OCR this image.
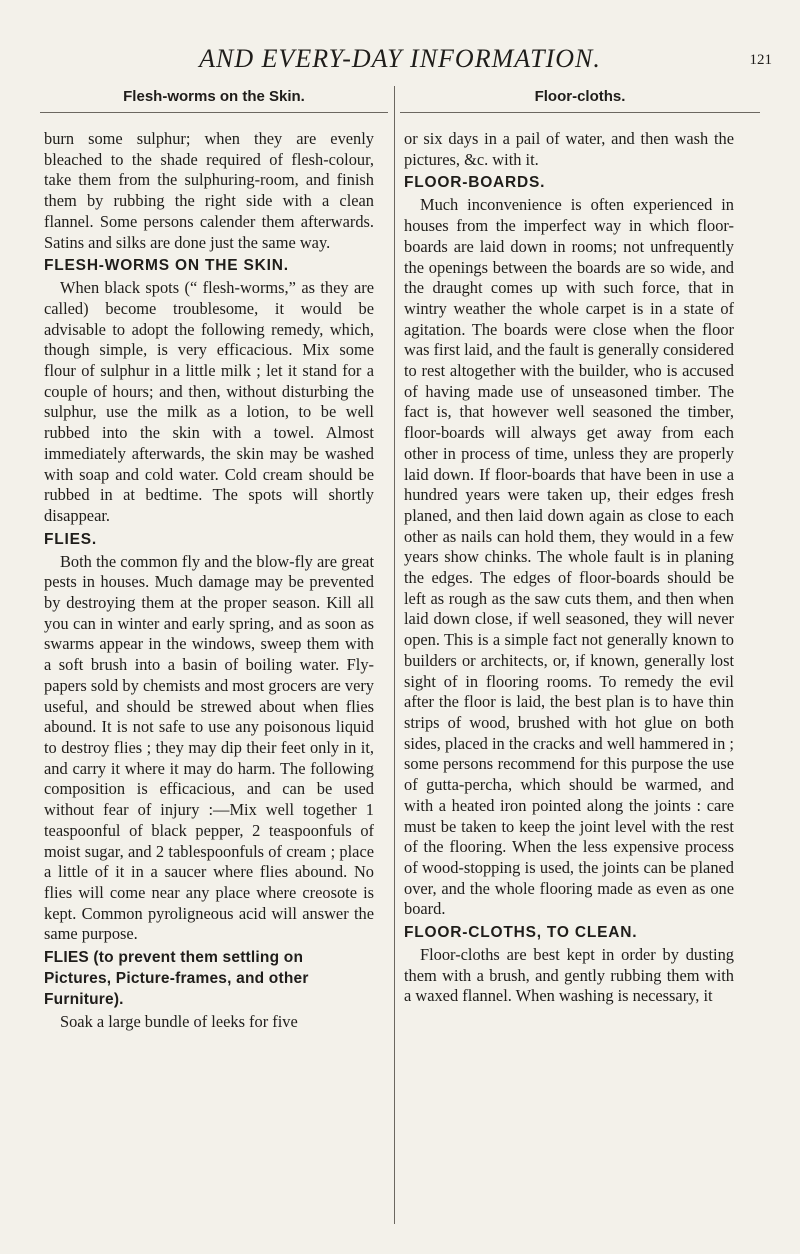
AND EVERY-DAY INFORMATION.	121
Flesh-worms on the Skin.

burn some sulphur; when they are evenly bleached to the shade required of flesh-colour, take them from the sulphuring-room, and finish them by rubbing the right side with a clean flannel. Some persons calender them afterwards. Satins and silks are done just the same way.

FLESH-WORMS ON THE SKIN.

When black spots (“ flesh-worms,” as they are called) become troublesome, it would be advisable to adopt the following remedy, which, though simple, is very efficacious. Mix some flour of sulphur in a little milk ; let it stand for a couple of hours; and then, without disturbing the sulphur, use the milk as a lotion, to be well rubbed into the skin with a towel. Almost immediately afterwards, the skin may be washed with soap and cold water. Cold cream should be rubbed in at bedtime. The spots will shortly disappear.

FLIES.

Both the common fly and the blow-fly are great pests in houses. Much damage may be prevented by destroying them at the proper season. Kill all you can in winter and early spring, and as soon as swarms appear in the windows, sweep them with a soft brush into a basin of boiling water. Fly-papers sold by chemists and most grocers are very useful, and should be strewed about when flies abound. It is not safe to use any poisonous liquid to destroy flies ; they may dip their feet only in it, and carry it where it may do harm. The following composition is efficacious, and can be used without fear of injury :—Mix well together 1 teaspoonful of black pepper, 2 teaspoonfuls of moist sugar, and 2 tablespoonfuls of cream ; place a little of it in a saucer where flies abound. No flies will come near any place where creosote is kept. Common pyroligneous acid will answer the same purpose.

FLIES (to prevent them settling on Pictures, Picture-frames, and other Furniture).

Soak a large bundle of leeks for five

Floor-cloths.

or six days in a pail of water, and then wash the pictures, &c. with it.

FLOOR-BOARDS.

Much inconvenience is often experienced in houses from the imperfect way in which floor-boards are laid down in rooms; not unfrequently the openings between the boards are so wide, and the draught comes up with such force, that in wintry weather the whole carpet is in a state of agitation. The boards were close when the floor was first laid, and the fault is generally considered to rest altogether with the builder, who is accused of having made use of unseasoned timber. The fact is, that however well seasoned the timber, floor-boards will always get away from each other in process of time, unless they are properly laid down. If floor-boards that have been in use a hundred years were taken up, their edges fresh planed, and then laid down again as close to each other as nails can hold them, they would in a few years show chinks. The whole fault is in planing the edges. The edges of floor-boards should be left as rough as the saw cuts them, and then when laid down close, if well seasoned, they will never open. This is a simple fact not generally known to builders or architects, or, if known, generally lost sight of in flooring rooms. To remedy the evil after the floor is laid, the best plan is to have thin strips of wood, brushed with hot glue on both sides, placed in the cracks and well hammered in ; some persons recommend for this purpose the use of gutta-percha, which should be warmed, and with a heated iron pointed along the joints : care must be taken to keep the joint level with the rest of the flooring. When the less expensive process of wood-stopping is used, the joints can be planed over, and the whole flooring made as even as one board.

FLOOR-CLOTHS, TO CLEAN.

Floor-cloths are best kept in order by dusting them with a brush, and gently rubbing them with a waxed flannel. When washing is necessary, it
